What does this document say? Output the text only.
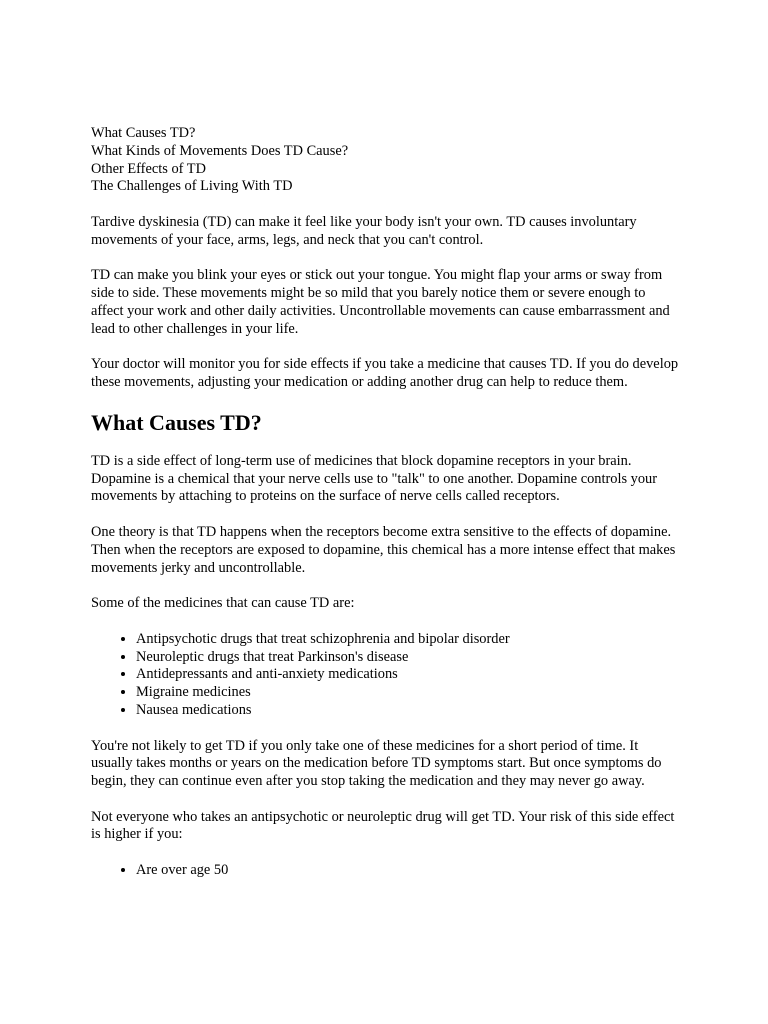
What Causes TD?
What Kinds of Movements Does TD Cause?
Other Effects of TD
The Challenges of Living With TD

Tardive dyskinesia (TD) can make it feel like your body isn't your own. TD causes involuntary movements of your face, arms, legs, and neck that you can't control.

TD can make you blink your eyes or stick out your tongue. You might flap your arms or sway from side to side. These movements might be so mild that you barely notice them or severe enough to affect your work and other daily activities. Uncontrollable movements can cause embarrassment and lead to other challenges in your life.

Your doctor will monitor you for side effects if you take a medicine that causes TD. If you do develop these movements, adjusting your medication or adding another drug can help to reduce them.

What Causes TD?

TD is a side effect of long-term use of medicines that block dopamine receptors in your brain. Dopamine is a chemical that your nerve cells use to "talk" to one another. Dopamine controls your movements by attaching to proteins on the surface of nerve cells called receptors.

One theory is that TD happens when the receptors become extra sensitive to the effects of dopamine. Then when the receptors are exposed to dopamine, this chemical has a more intense effect that makes movements jerky and uncontrollable.

Some of the medicines that can cause TD are:

• Antipsychotic drugs that treat schizophrenia and bipolar disorder
• Neuroleptic drugs that treat Parkinson's disease
• Antidepressants and anti-anxiety medications
• Migraine medicines
• Nausea medications

You're not likely to get TD if you only take one of these medicines for a short period of time. It usually takes months or years on the medication before TD symptoms start. But once symptoms do begin, they can continue even after you stop taking the medication and they may never go away.

Not everyone who takes an antipsychotic or neuroleptic drug will get TD. Your risk of this side effect is higher if you:

• Are over age 50
